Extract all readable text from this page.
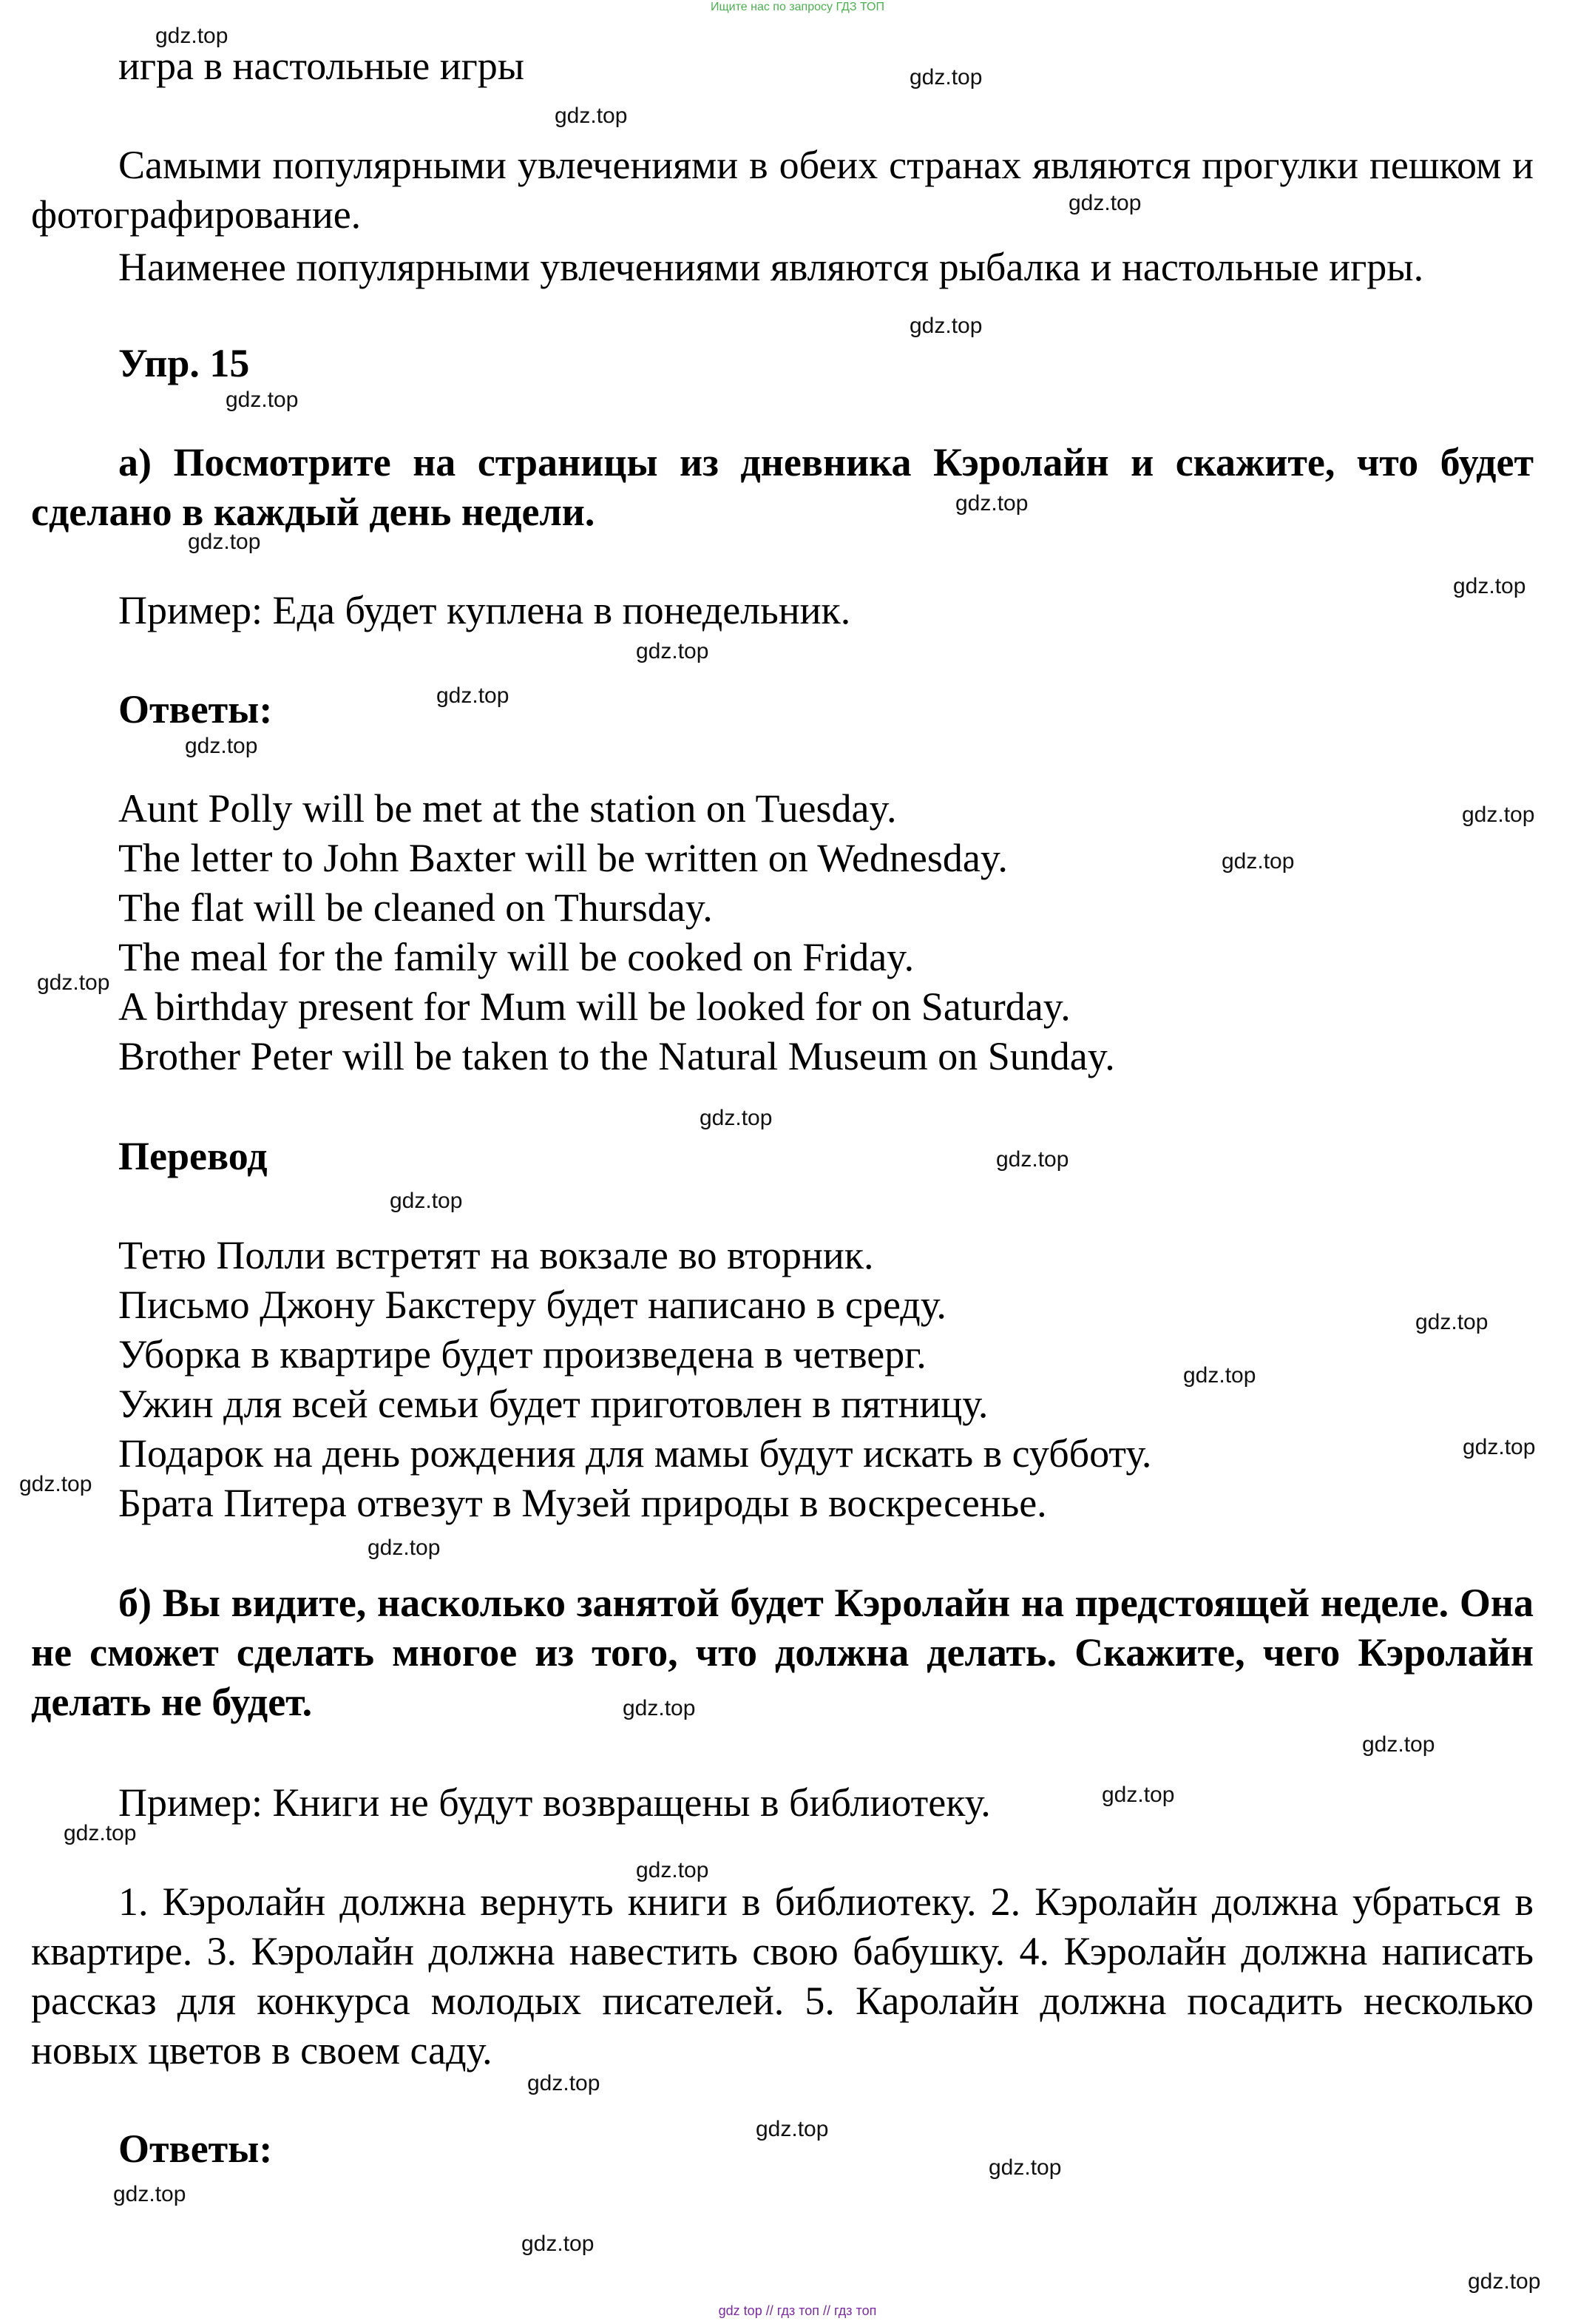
Ищите нас по запросу ГДЗ ТОП
gdz.top
gdz.top
gdz.top
gdz.top
gdz.top
gdz.top
gdz.top
gdz.top
gdz.top
gdz.top
gdz.top
gdz.top
gdz.top
gdz.top
gdz.top
gdz.top
gdz.top
gdz.top
gdz.top
gdz.top
gdz.top
gdz.top
gdz.top
gdz.top
gdz.top
gdz.top
gdz.top
gdz.top
gdz.top
gdz.top
gdz.top
gdz.top
gdz.top
gdz.top

игра в настольные игры

Самыми популярными увлечениями в обеих странах являются прогулки пешком и фотографирование.

Наименее популярными увлечениями являются рыбалка и настольные игры.

Упр. 15

а) Посмотрите на страницы из дневника Кэролайн и скажите, что будет сделано в каждый день недели.

Пример: Еда будет куплена в понедельник.

Ответы:

Aunt Polly will be met at the station on Tuesday.
The letter to John Baxter will be written on Wednesday.
The flat will be cleaned on Thursday.
The meal for the family will be cooked on Friday.
A birthday present for Mum will be looked for on Saturday.
Brother Peter will be taken to the Natural Museum on Sunday.

Перевод

Тетю Полли встретят на вокзале во вторник.
Письмо Джону Бакстеру будет написано в среду.
Уборка в квартире будет произведена в четверг.
Ужин для всей семьи будет приготовлен в пятницу.
Подарок на день рождения для мамы будут искать в субботу.
Брата Питера отвезут в Музей природы в воскресенье.

б) Вы видите, насколько занятой будет Кэролайн на предстоящей неделе. Она не сможет сделать многое из того, что должна делать. Скажите, чего Кэролайн делать не будет.

Пример: Книги не будут возвращены в библиотеку.

1. Кэролайн должна вернуть книги в библиотеку. 2. Кэролайн должна убраться в квартире. 3. Кэролайн должна навестить свою бабушку. 4. Кэролайн должна написать рассказ для конкурса молодых писателей. 5. Каролайн должна посадить несколько новых цветов в своем саду.

Ответы:

gdz top // гдз топ // гдз топ
